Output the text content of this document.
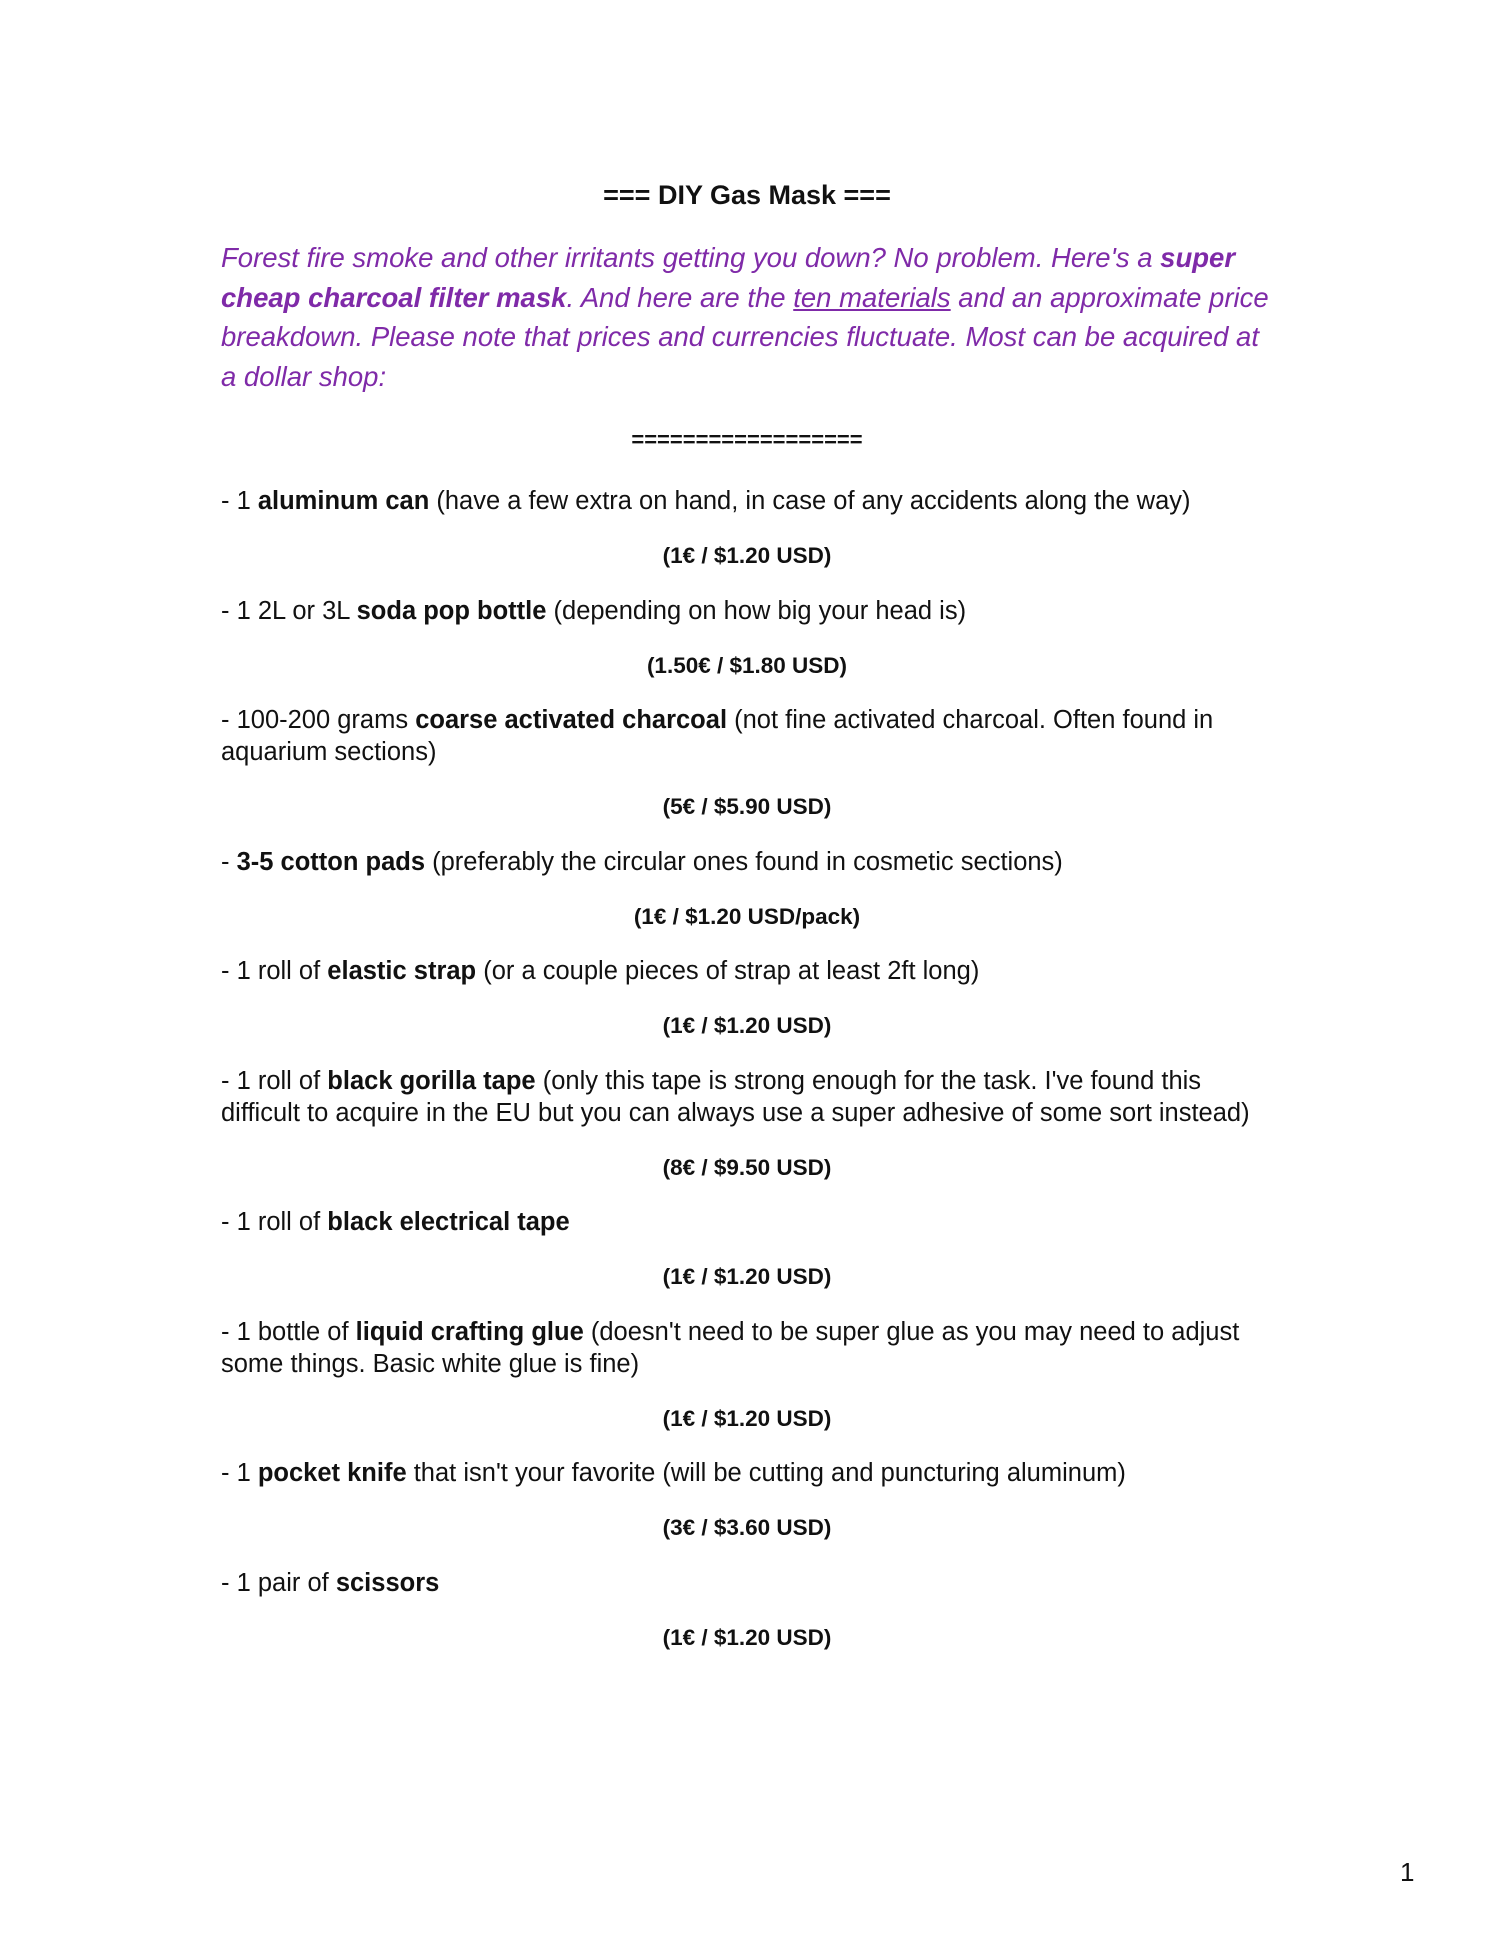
=== DIY Gas Mask ===
Forest fire smoke and other irritants getting you down? No problem. Here's a super cheap charcoal filter mask. And here are the ten materials and an approximate price breakdown. Please note that prices and currencies fluctuate. Most can be acquired at a dollar shop:
==================
- 1 aluminum can (have a few extra on hand, in case of any accidents along the way)
(1€ / $1.20 USD)
- 1 2L or 3L soda pop bottle (depending on how big your head is)
(1.50€ / $1.80 USD)
- 100-200 grams coarse activated charcoal (not fine activated charcoal. Often found in aquarium sections)
(5€ / $5.90 USD)
- 3-5 cotton pads (preferably the circular ones found in cosmetic sections)
(1€ / $1.20 USD/pack)
- 1 roll of elastic strap (or a couple pieces of strap at least 2ft long)
(1€ / $1.20 USD)
- 1 roll of black gorilla tape (only this tape is strong enough for the task. I've found this difficult to acquire in the EU but you can always use a super adhesive of some sort instead)
(8€ / $9.50 USD)
- 1 roll of black electrical tape
(1€ / $1.20 USD)
- 1 bottle of liquid crafting glue (doesn't need to be super glue as you may need to adjust some things. Basic white glue is fine)
(1€ / $1.20 USD)
- 1 pocket knife that isn't your favorite (will be cutting and puncturing aluminum)
(3€ / $3.60 USD)
- 1 pair of scissors
(1€ / $1.20 USD)
1
